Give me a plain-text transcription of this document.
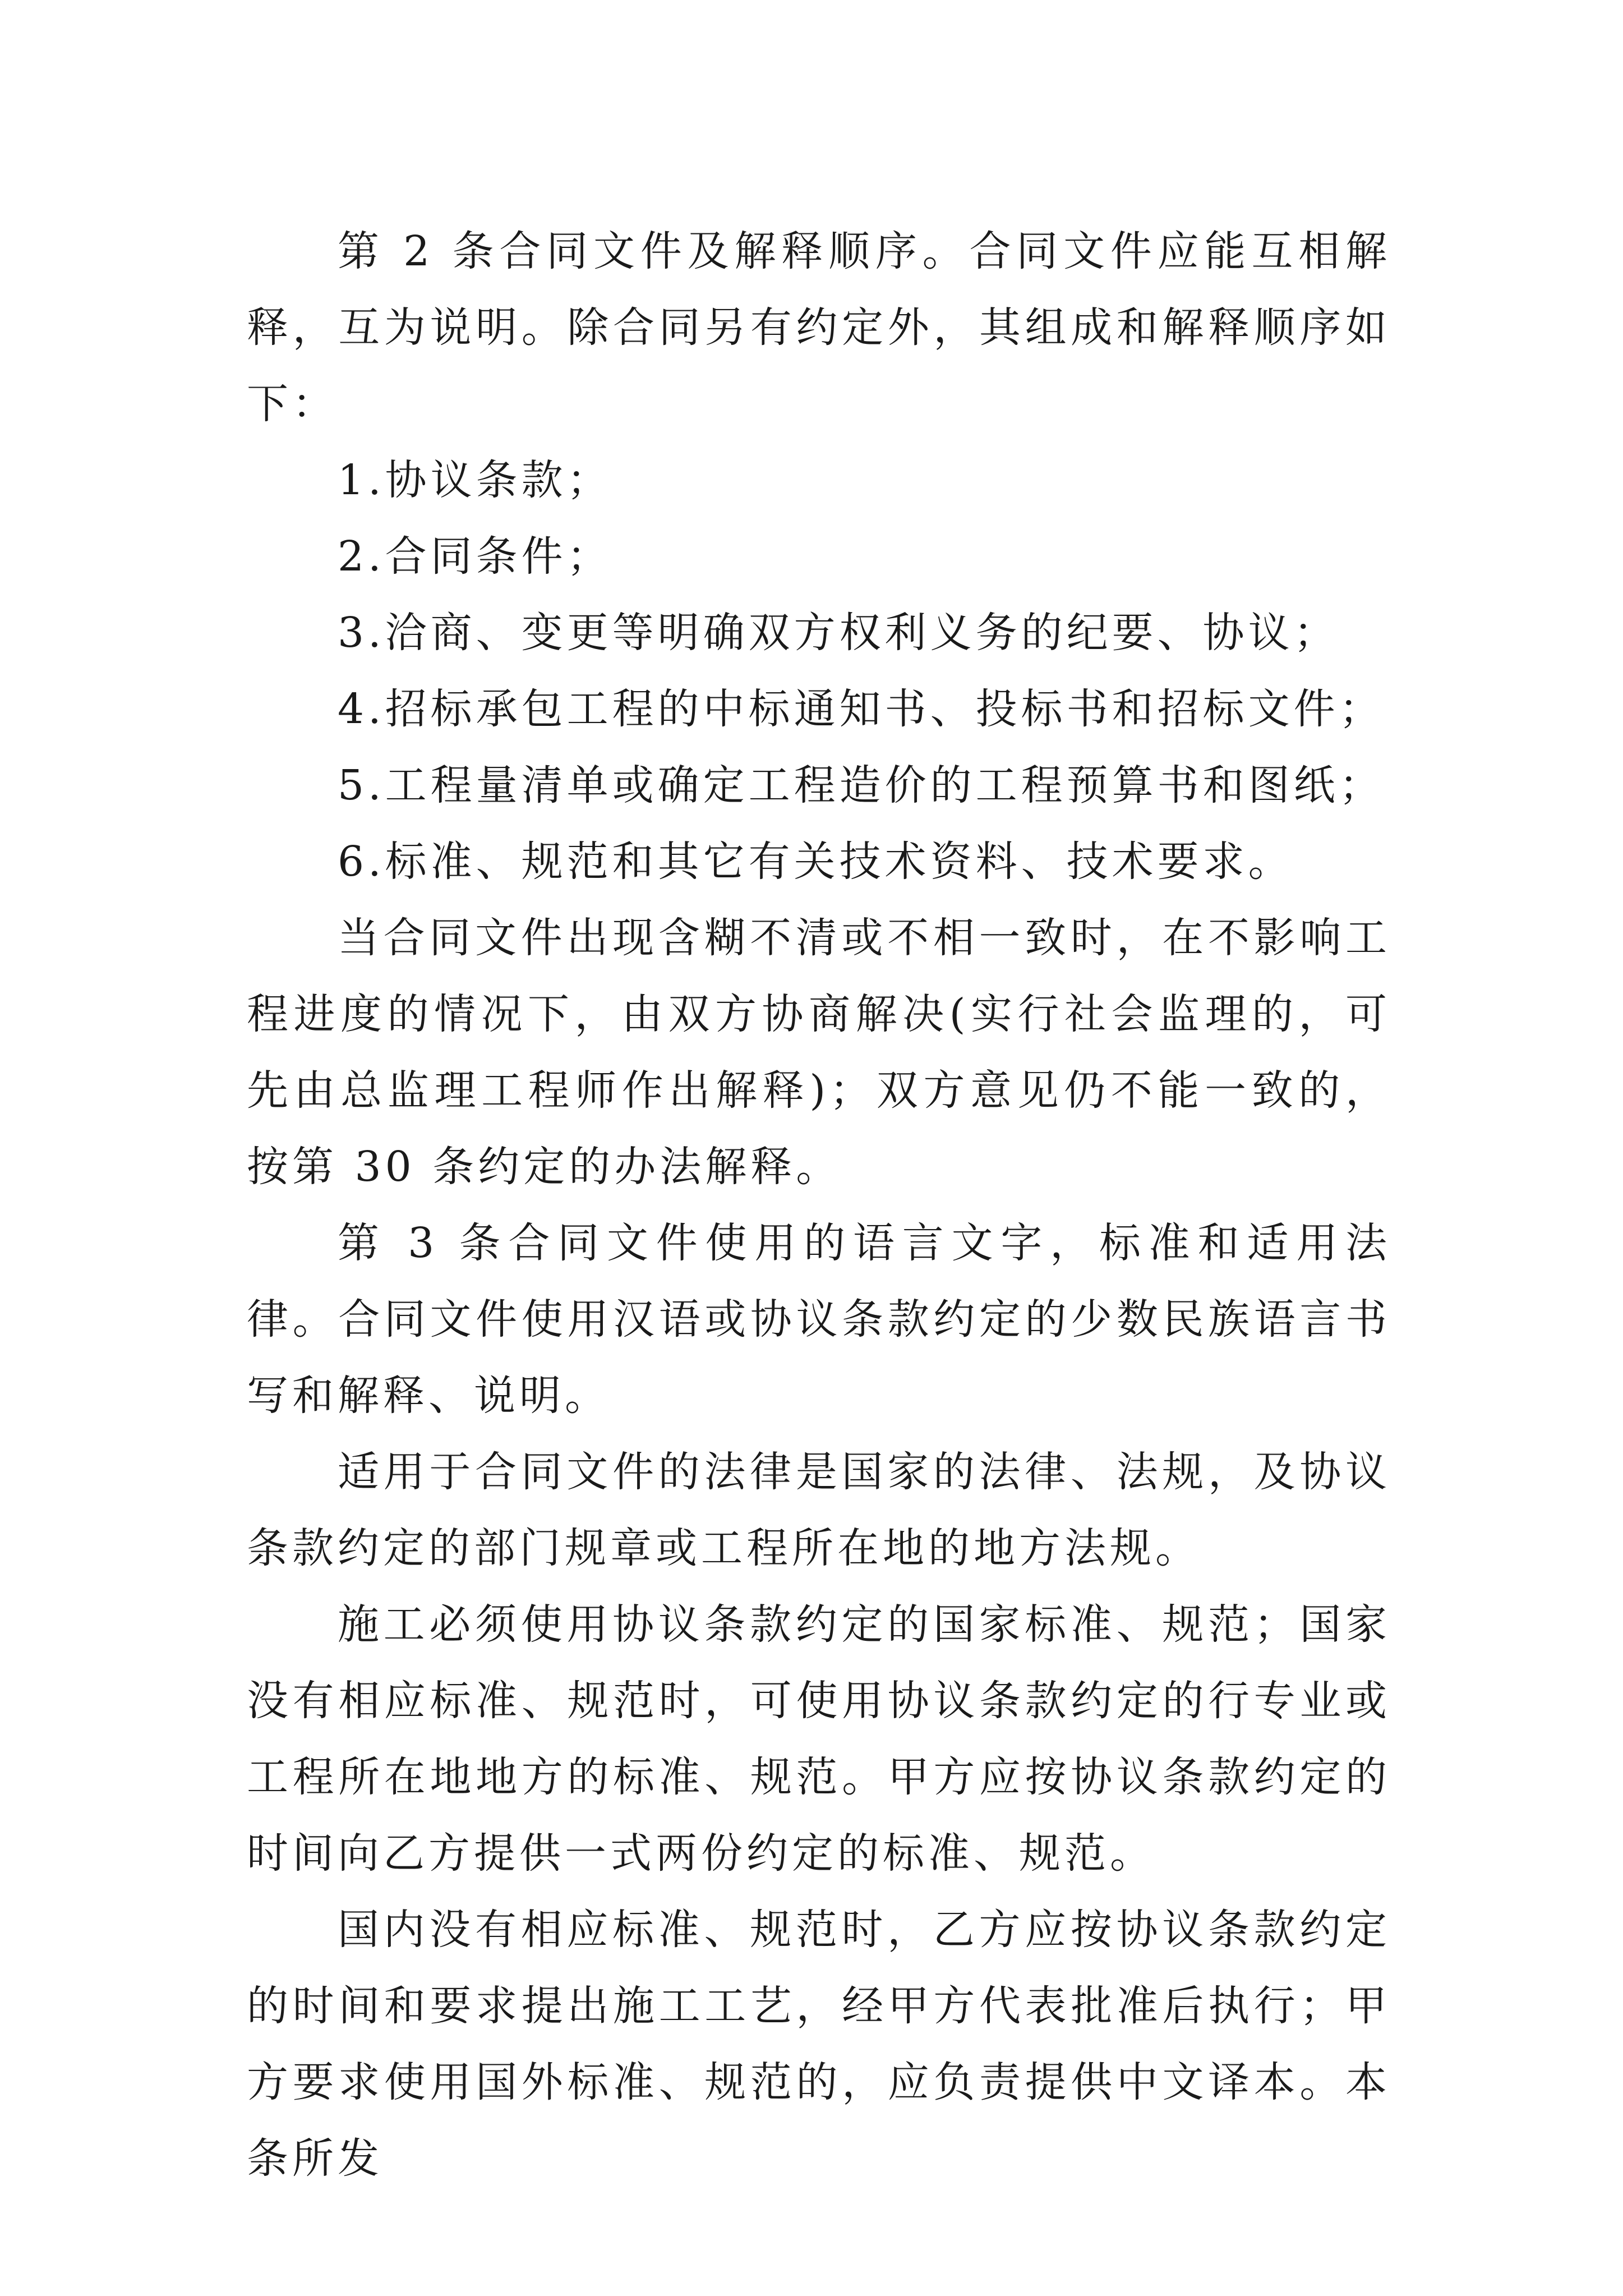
第 2 条合同文件及解释顺序。合同文件应能互相解释，互为说明。除合同另有约定外，其组成和解释顺序如下：

1.协议条款；

2.合同条件；

3.洽商、变更等明确双方权利义务的纪要、协议；

4.招标承包工程的中标通知书、投标书和招标文件；

5.工程量清单或确定工程造价的工程预算书和图纸；

6.标准、规范和其它有关技术资料、技术要求。

当合同文件出现含糊不清或不相一致时，在不影响工程进度的情况下，由双方协商解决(实行社会监理的，可先由总监理工程师作出解释)；双方意见仍不能一致的，按第 30 条约定的办法解释。

第 3 条合同文件使用的语言文字，标准和适用法律。合同文件使用汉语或协议条款约定的少数民族语言书写和解释、说明。

适用于合同文件的法律是国家的法律、法规，及协议条款约定的部门规章或工程所在地的地方法规。

施工必须使用协议条款约定的国家标准、规范；国家没有相应标准、规范时，可使用协议条款约定的行专业或工程所在地地方的标准、规范。甲方应按协议条款约定的时间向乙方提供一式两份约定的标准、规范。

国内没有相应标准、规范时，乙方应按协议条款约定的时间和要求提出施工工艺，经甲方代表批准后执行；甲方要求使用国外标准、规范的，应负责提供中文译本。本条所发
